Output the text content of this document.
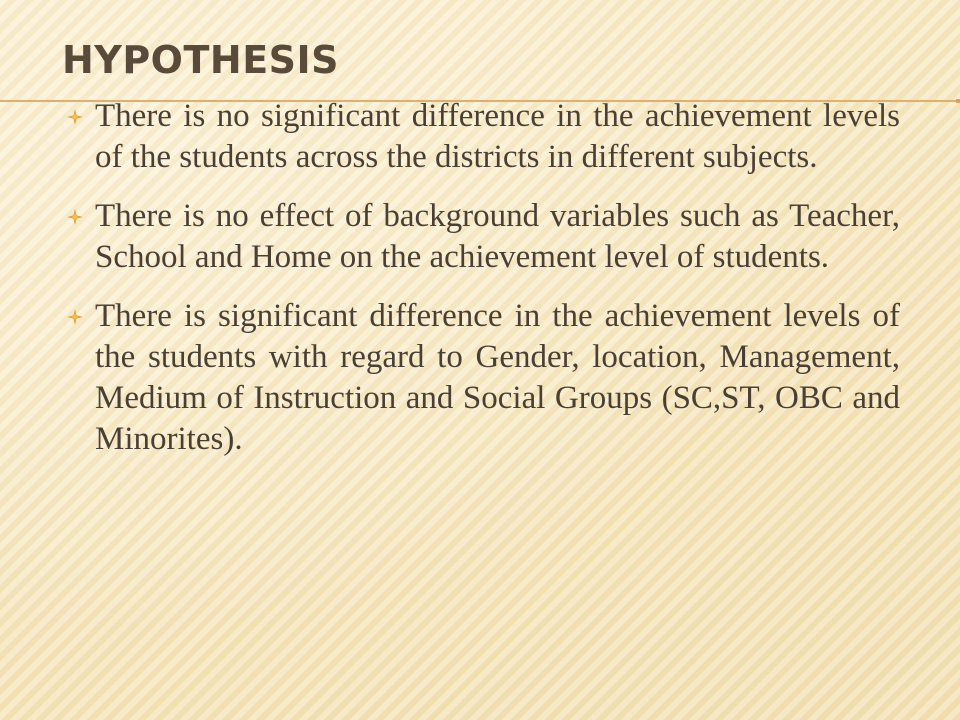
HYPOTHESIS
There is no significant difference in the achievement levels of the students across the districts in different subjects.
There is no effect of background variables such as Teacher, School and Home on the achievement level of students.
There is significant difference in the achievement levels of the students with regard to Gender, location, Management, Medium of Instruction and Social Groups (SC,ST, OBC and Minorites).
